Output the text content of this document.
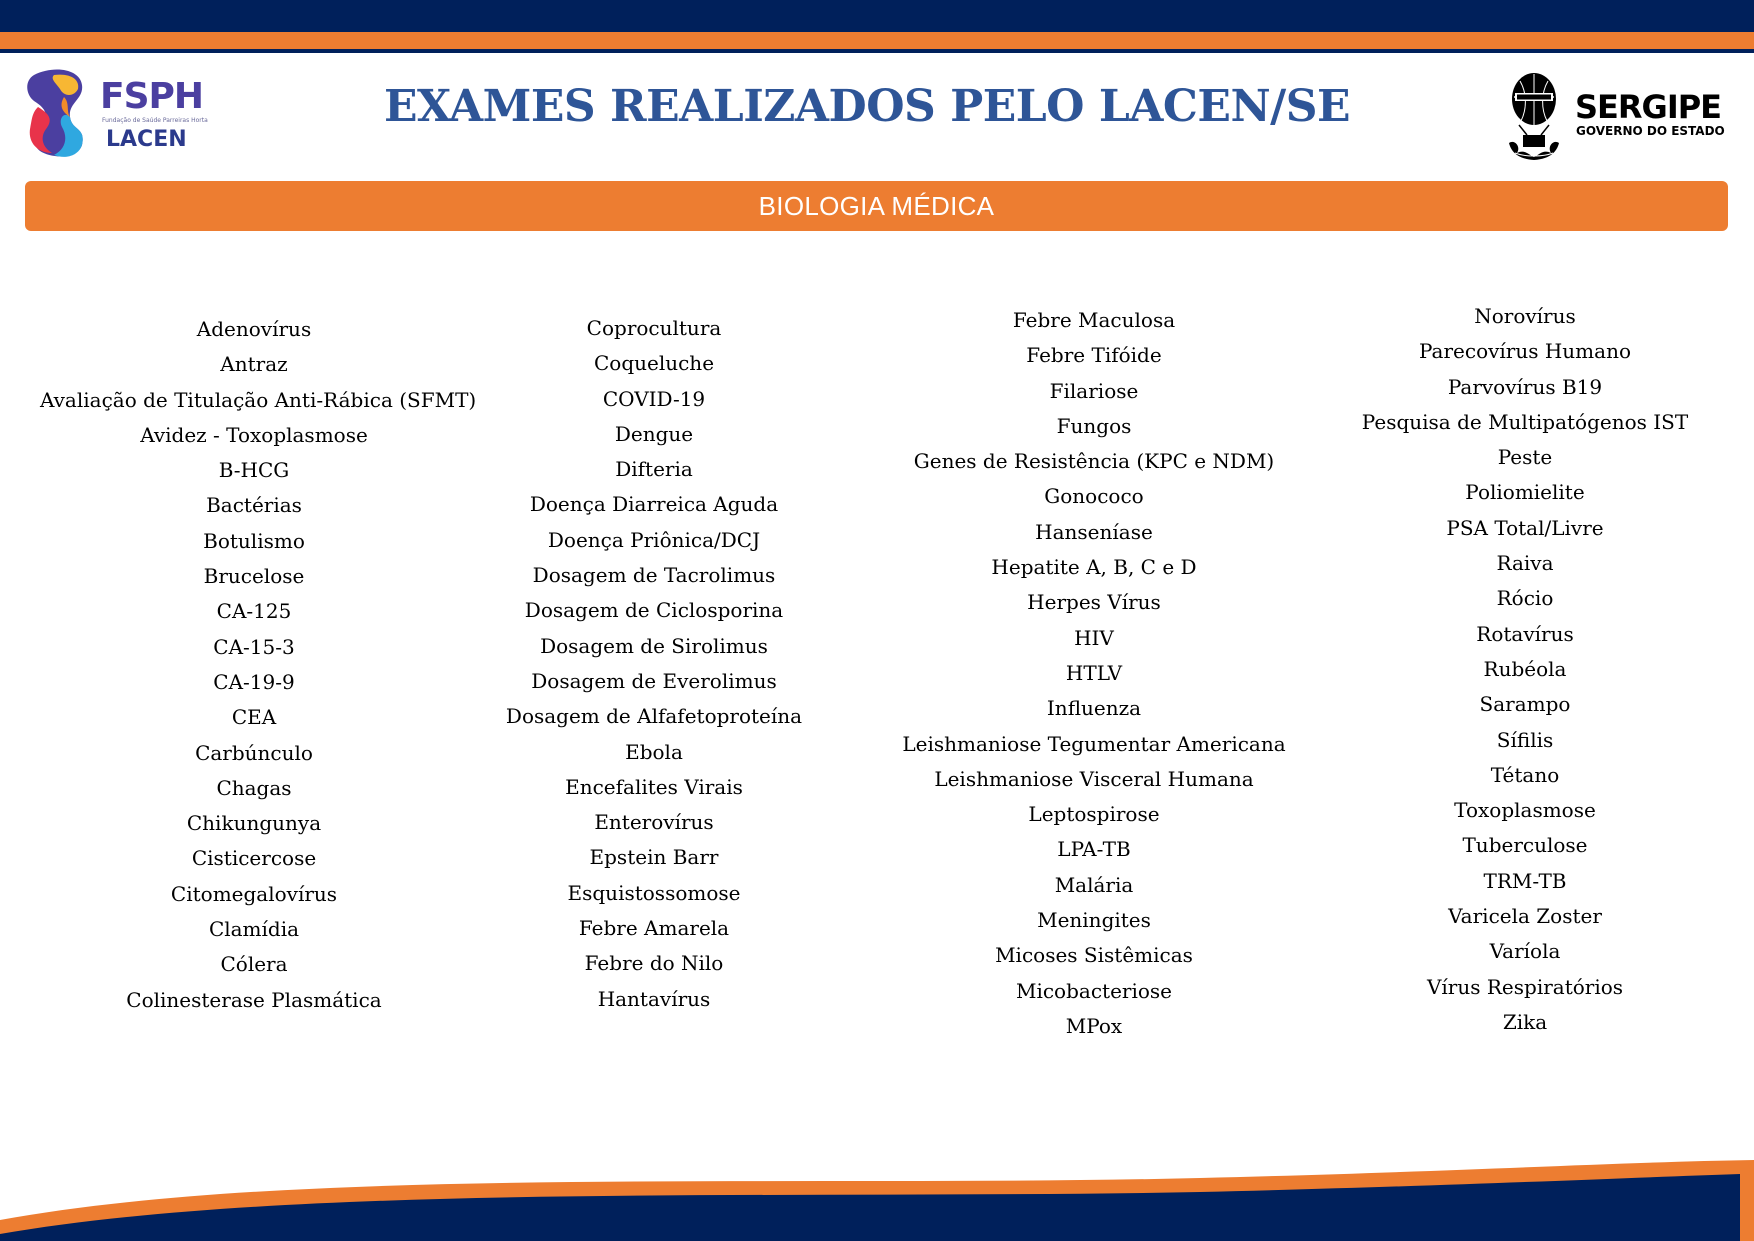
FSPH
Fundação de Saúde Parreiras Horta
LACEN
EXAMES REALIZADOS PELO LACEN/SE	SERGIPE
GOVERNO DO ESTADO
BIOLOGIA MÉDICA
Adenovírus
Antraz
Avaliação de Titulação Anti-Rábica (SFMT)
Avidez - Toxoplasmose
B-HCG
Bactérias
Botulismo
Brucelose
CA-125
CA-15-3
CA-19-9
CEA
Carbúnculo
Chagas
Chikungunya
Cisticercose
Citomegalovírus
Clamídia
Cólera
Colinesterase Plasmática
Coprocultura
Coqueluche
COVID-19
Dengue
Difteria
Doença Diarreica Aguda
Doença Priônica/DCJ
Dosagem de Tacrolimus
Dosagem de Ciclosporina
Dosagem de Sirolimus
Dosagem de Everolimus
Dosagem de Alfafetoproteína
Ebola
Encefalites Virais
Enterovírus
Epstein Barr
Esquistossomose
Febre Amarela
Febre do Nilo
Hantavírus
Febre Maculosa
Febre Tifóide
Filariose
Fungos
Genes de Resistência (KPC e NDM)
Gonococo
Hanseníase
Hepatite A, B, C e D
Herpes Vírus
HIV
HTLV
Influenza
Leishmaniose Tegumentar Americana
Leishmaniose Visceral Humana
Leptospirose
LPA-TB
Malária
Meningites
Micoses Sistêmicas
Micobacteriose
MPox
Norovírus
Parecovírus Humano
Parvovírus B19
Pesquisa de Multipatógenos IST
Peste
Poliomielite
PSA Total/Livre
Raiva
Rócio
Rotavírus
Rubéola
Sarampo
Sífilis
Tétano
Toxoplasmose
Tuberculose
TRM-TB
Varicela Zoster
Varíola
Vírus Respiratórios
Zika
